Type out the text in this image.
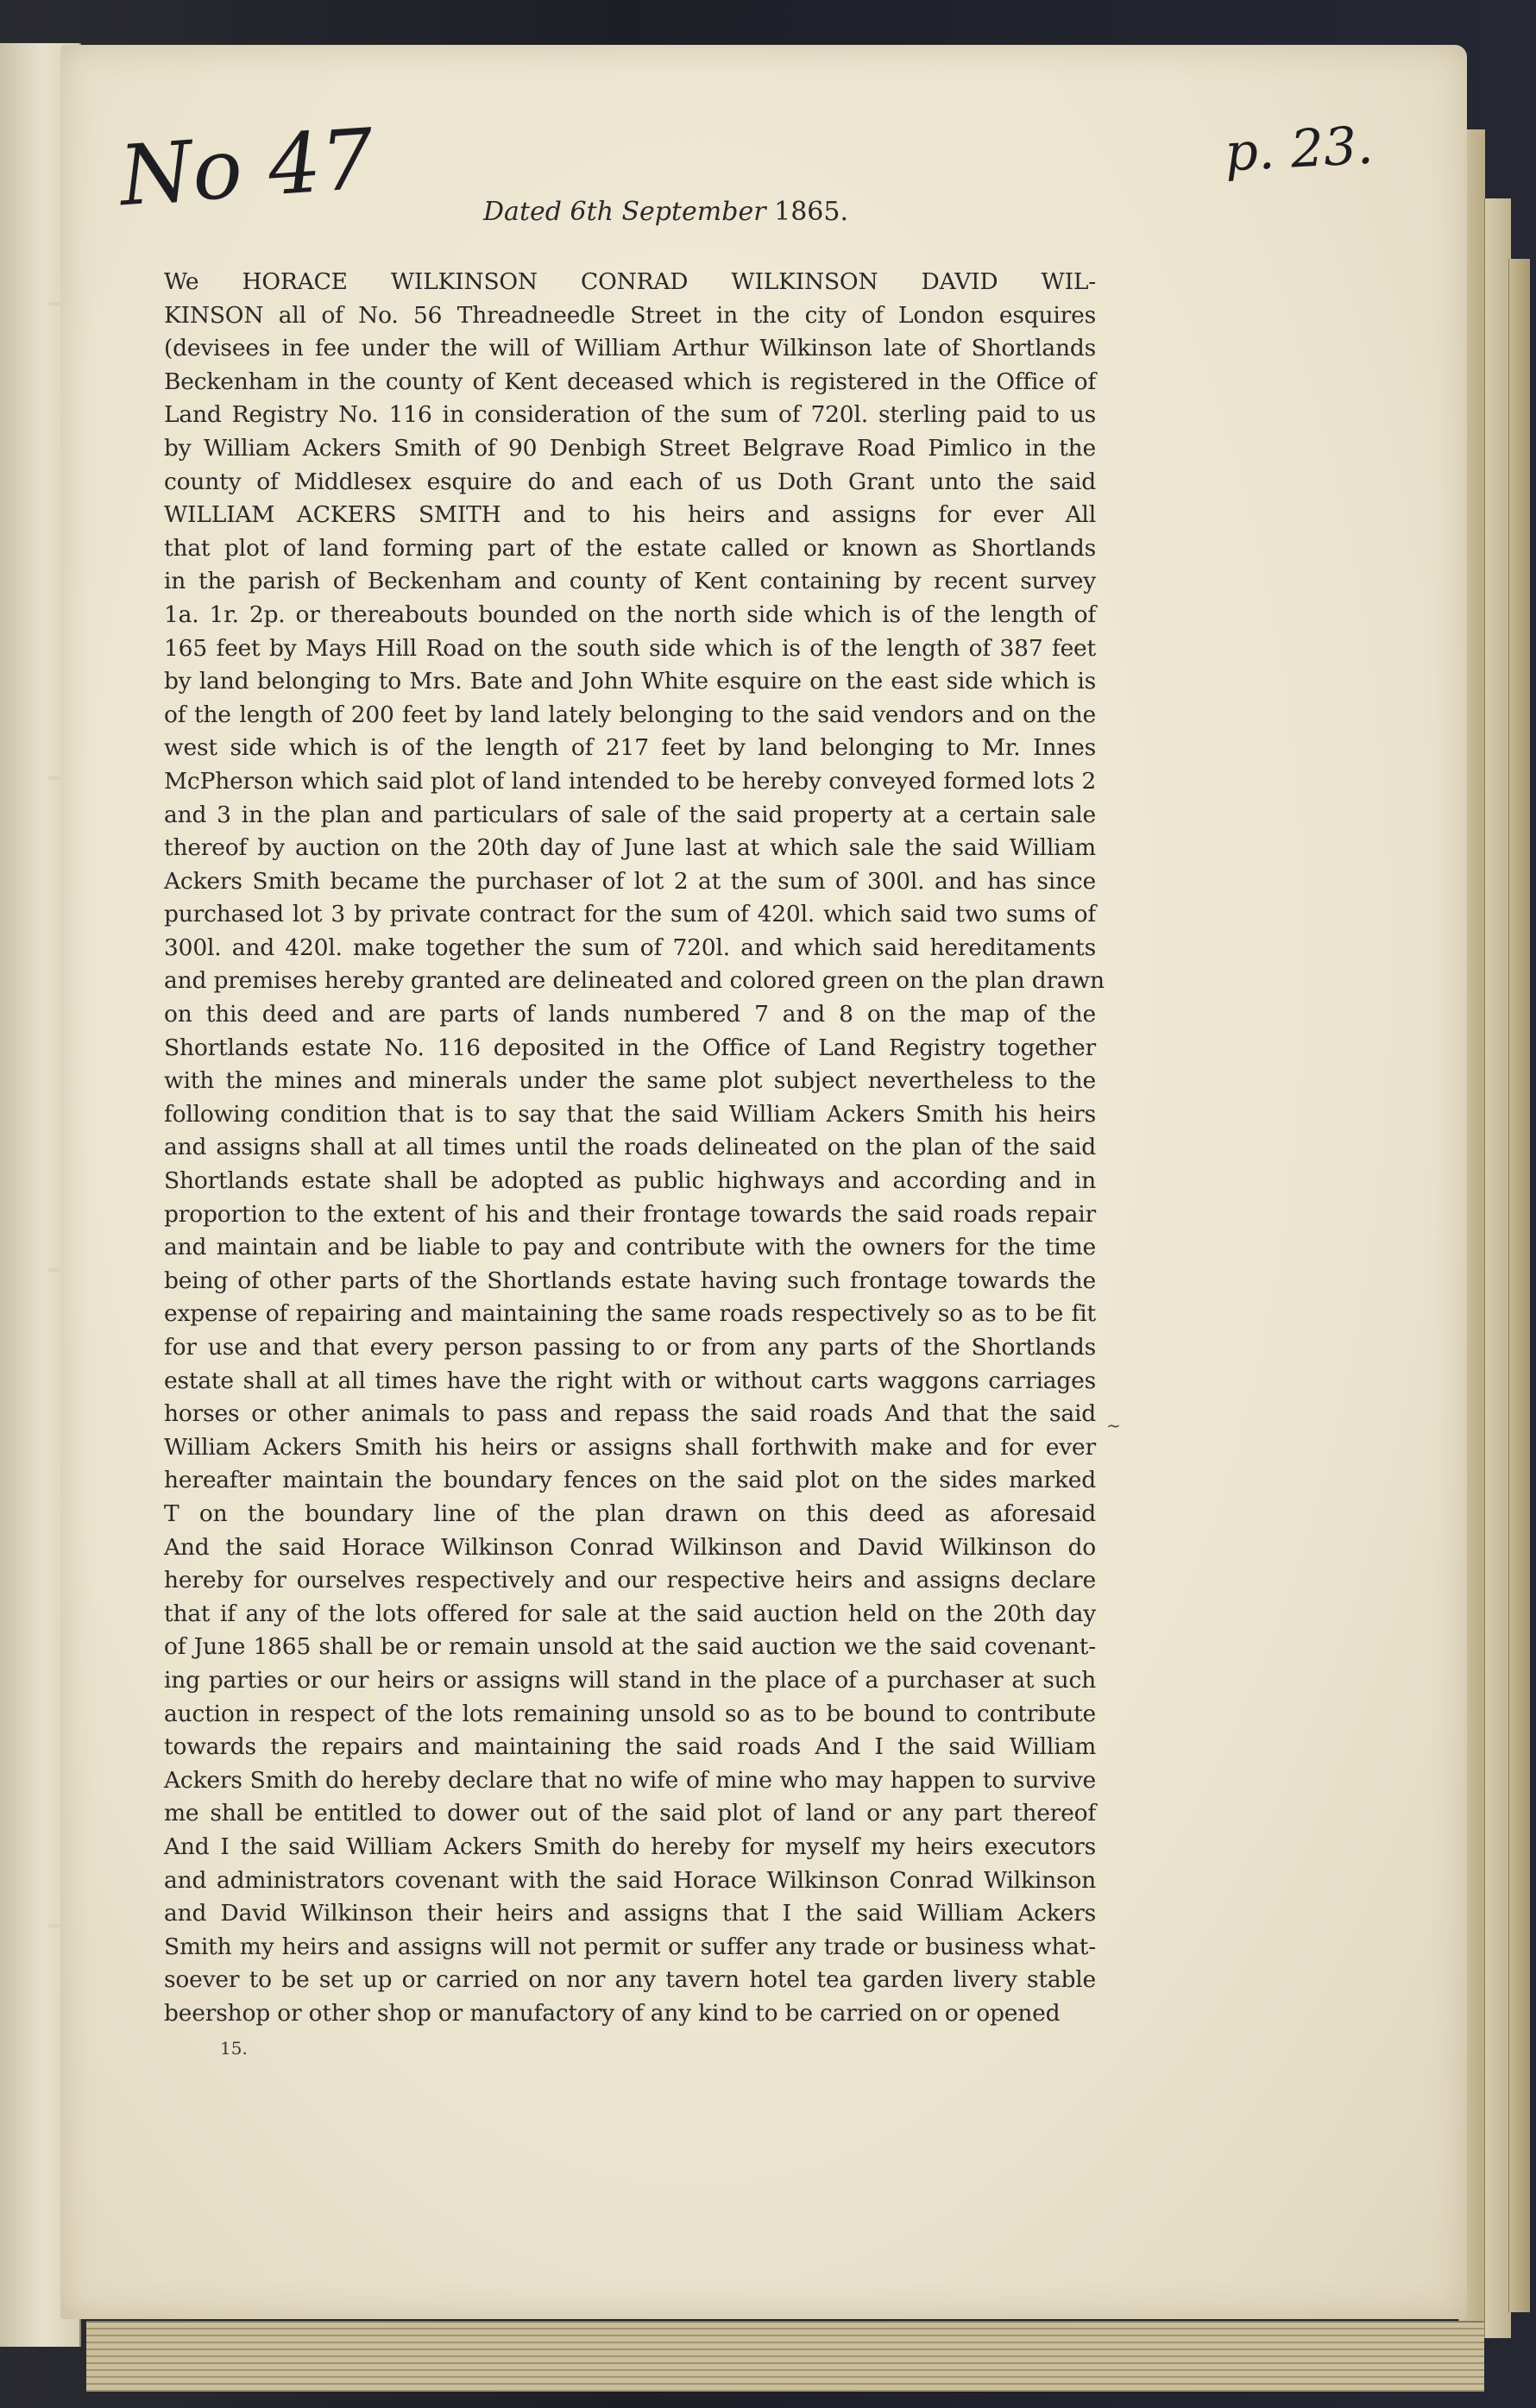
No 47	p. 23.

Dated 6th September 1865.

We HORACE WILKINSON CONRAD WILKINSON DAVID WIL-
KINSON all of No. 56 Threadneedle Street in the city of London esquires
(devisees in fee under the will of William Arthur Wilkinson late of Shortlands
Beckenham in the county of Kent deceased which is registered in the Office of
Land Registry No. 116 in consideration of the sum of 720l. sterling paid to us
by William Ackers Smith of 90 Denbigh Street Belgrave Road Pimlico in the
county of Middlesex esquire do and each of us Doth Grant unto the said
WILLIAM ACKERS SMITH and to his heirs and assigns for ever All
that plot of land forming part of the estate called or known as Shortlands
in the parish of Beckenham and county of Kent containing by recent survey
1a. 1r. 2p. or thereabouts bounded on the north side which is of the length of
165 feet by Mays Hill Road on the south side which is of the length of 387 feet
by land belonging to Mrs. Bate and John White esquire on the east side which is
of the length of 200 feet by land lately belonging to the said vendors and on the
west side which is of the length of 217 feet by land belonging to Mr. Innes
McPherson which said plot of land intended to be hereby conveyed formed lots 2
and 3 in the plan and particulars of sale of the said property at a certain sale
thereof by auction on the 20th day of June last at which sale the said William
Ackers Smith became the purchaser of lot 2 at the sum of 300l. and has since
purchased lot 3 by private contract for the sum of 420l. which said two sums of
300l. and 420l. make together the sum of 720l. and which said hereditaments
and premises hereby granted are delineated and colored green on the plan drawn
on this deed and are parts of lands numbered 7 and 8 on the map of the
Shortlands estate No. 116 deposited in the Office of Land Registry together
with the mines and minerals under the same plot subject nevertheless to the
following condition that is to say that the said William Ackers Smith his heirs
and assigns shall at all times until the roads delineated on the plan of the said
Shortlands estate shall be adopted as public highways and according and in
proportion to the extent of his and their frontage towards the said roads repair
and maintain and be liable to pay and contribute with the owners for the time
being of other parts of the Shortlands estate having such frontage towards the
expense of repairing and maintaining the same roads respectively so as to be fit
for use and that every person passing to or from any parts of the Shortlands
estate shall at all times have the right with or without carts waggons carriages
horses or other animals to pass and repass the said roads And that the said
William Ackers Smith his heirs or assigns shall forthwith make and for ever
hereafter maintain the boundary fences on the said plot on the sides marked
T on the boundary line of the plan drawn on this deed as aforesaid
And the said Horace Wilkinson Conrad Wilkinson and David Wilkinson do
hereby for ourselves respectively and our respective heirs and assigns declare
that if any of the lots offered for sale at the said auction held on the 20th day
of June 1865 shall be or remain unsold at the said auction we the said covenant-
ing parties or our heirs or assigns will stand in the place of a purchaser at such
auction in respect of the lots remaining unsold so as to be bound to contribute
towards the repairs and maintaining the said roads And I the said William
Ackers Smith do hereby declare that no wife of mine who may happen to survive
me shall be entitled to dower out of the said plot of land or any part thereof
And I the said William Ackers Smith do hereby for myself my heirs executors
and administrators covenant with the said Horace Wilkinson Conrad Wilkinson
and David Wilkinson their heirs and assigns that I the said William Ackers
Smith my heirs and assigns will not permit or suffer any trade or business what-
soever to be set up or carried on nor any tavern hotel tea garden livery stable
beershop or other shop or manufactory of any kind to be carried on or opened

~

15.
